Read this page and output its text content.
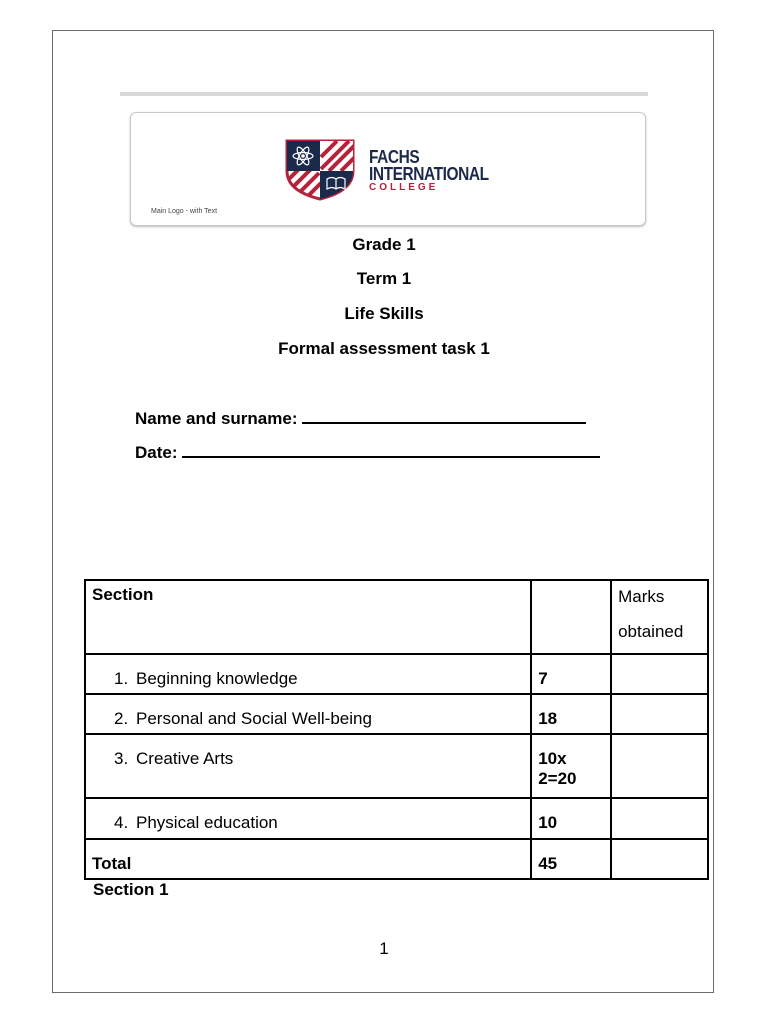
FACHS
INTERNATIONAL
COLLEGE
Main Logo - with Text
Grade 1
Term 1
Life Skills
Formal assessment task 1
Name and surname:
Date:
Section		Marks
obtained

1. Beginning knowledge	7	
2. Personal and Social Well-being	18	
3. Creative Arts	10x
2=20	

4. Physical education	10	
Total	45	
Section 1
1
